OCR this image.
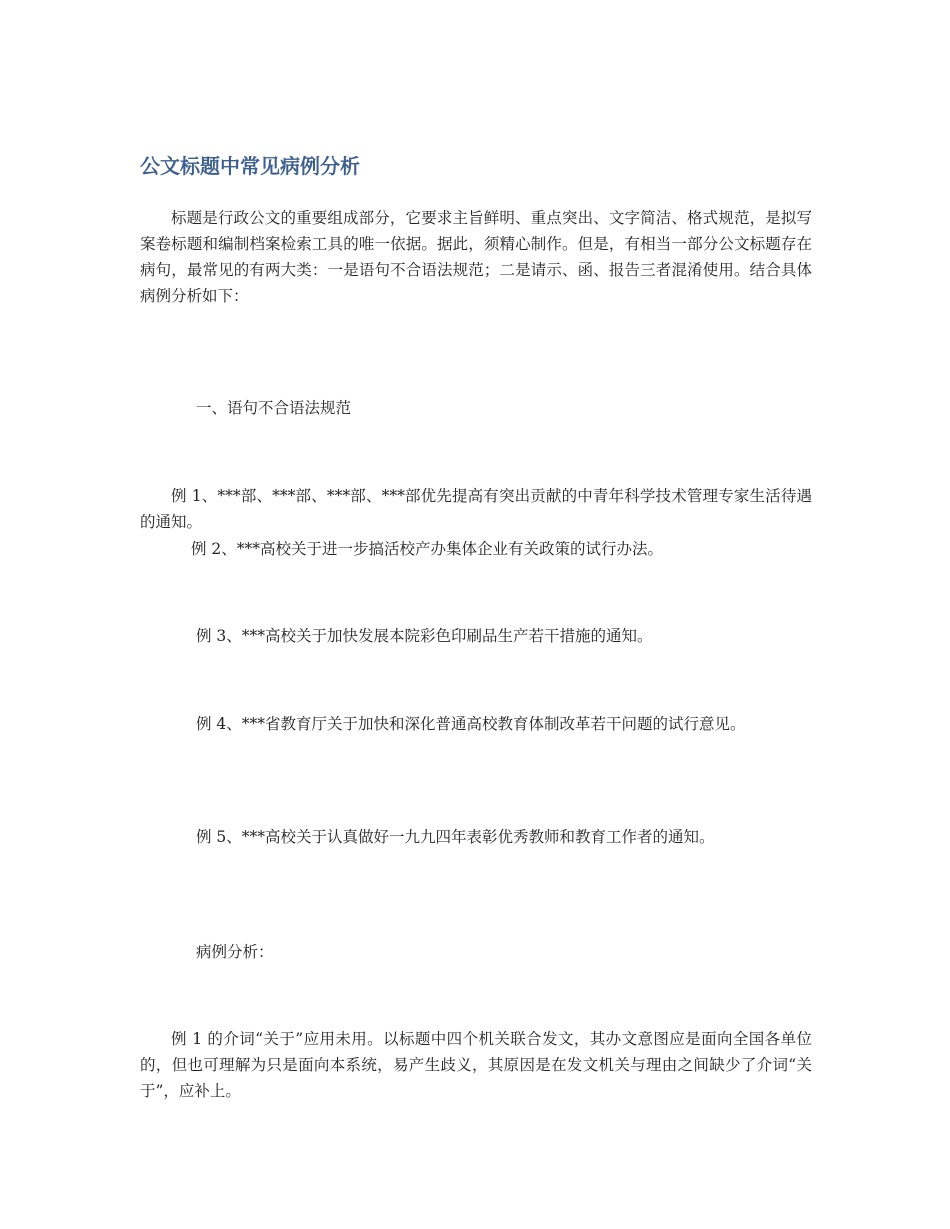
公文标题中常见病例分析
标题是行政公文的重要组成部分，它要求主旨鲜明、重点突出、文字简洁、格式规范，是拟写案卷标题和编制档案检索工具的唯一依据。据此，须精心制作。但是，有相当一部分公文标题存在病句，最常见的有两大类：一是语句不合语法规范；二是请示、函、报告三者混淆使用。结合具体病例分析如下：
一、语句不合语法规范
例 1、***部、***部、***部、***部优先提高有突出贡献的中青年科学技术管理专家生活待遇的通知。
例 2、***高校关于进一步搞活校产办集体企业有关政策的试行办法。
例 3、***高校关于加快发展本院彩色印刷品生产若干措施的通知。
例 4、***省教育厅关于加快和深化普通高校教育体制改革若干问题的试行意见。
例 5、***高校关于认真做好一九九四年表彰优秀教师和教育工作者的通知。
病例分析：
例 1 的介词“关于”应用未用。以标题中四个机关联合发文，其办文意图应是面向全国各单位的，但也可理解为只是面向本系统，易产生歧义，其原因是在发文机关与理由之间缺少了介词“关于”，应补上。
